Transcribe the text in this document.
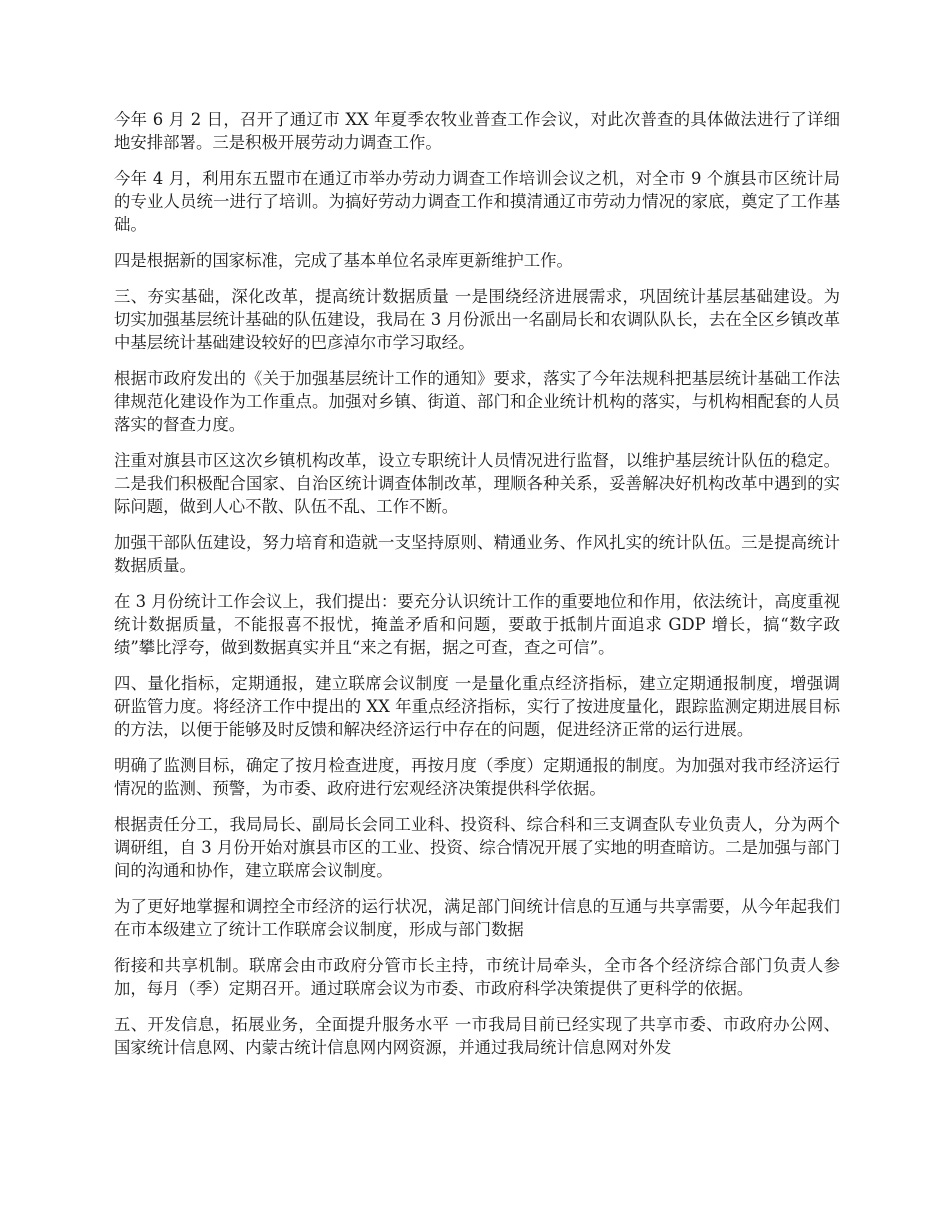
今年 6 月 2 日，召开了通辽市 XX 年夏季农牧业普查工作会议，对此次普查的具体做法进行了详细地安排部署。三是积极开展劳动力调查工作。

今年 4 月，利用东五盟市在通辽市举办劳动力调查工作培训会议之机，对全市 9 个旗县市区统计局的专业人员统一进行了培训。为搞好劳动力调查工作和摸清通辽市劳动力情况的家底，奠定了工作基础。

四是根据新的国家标准，完成了基本单位名录库更新维护工作。

三、夯实基础，深化改革，提高统计数据质量 一是围绕经济进展需求，巩固统计基层基础建设。为切实加强基层统计基础的队伍建设，我局在 3 月份派出一名副局长和农调队队长，去在全区乡镇改革中基层统计基础建设较好的巴彦淖尔市学习取经。

根据市政府发出的《关于加强基层统计工作的通知》要求，落实了今年法规科把基层统计基础工作法律规范化建设作为工作重点。加强对乡镇、街道、部门和企业统计机构的落实，与机构相配套的人员落实的督查力度。

注重对旗县市区这次乡镇机构改革，设立专职统计人员情况进行监督，以维护基层统计队伍的稳定。二是我们积极配合国家、自治区统计调查体制改革，理顺各种关系，妥善解决好机构改革中遇到的实际问题，做到人心不散、队伍不乱、工作不断。

加强干部队伍建设，努力培育和造就一支坚持原则、精通业务、作风扎实的统计队伍。三是提高统计数据质量。

在 3 月份统计工作会议上，我们提出：要充分认识统计工作的重要地位和作用，依法统计，高度重视统计数据质量，不能报喜不报忧，掩盖矛盾和问题，要敢于抵制片面追求 GDP 增长，搞“数字政绩”攀比浮夸，做到数据真实并且“来之有据，据之可查，查之可信”。

四、量化指标，定期通报，建立联席会议制度 一是量化重点经济指标，建立定期通报制度，增强调研监管力度。将经济工作中提出的 XX 年重点经济指标，实行了按进度量化，跟踪监测定期进展目标的方法，以便于能够及时反馈和解决经济运行中存在的问题，促进经济正常的运行进展。

明确了监测目标，确定了按月检查进度，再按月度（季度）定期通报的制度。为加强对我市经济运行情况的监测、预警，为市委、政府进行宏观经济决策提供科学依据。

根据责任分工，我局局长、副局长会同工业科、投资科、综合科和三支调查队专业负责人，分为两个调研组，自 3 月份开始对旗县市区的工业、投资、综合情况开展了实地的明查暗访。二是加强与部门间的沟通和协作，建立联席会议制度。

为了更好地掌握和调控全市经济的运行状况，满足部门间统计信息的互通与共享需要，从今年起我们在市本级建立了统计工作联席会议制度，形成与部门数据

衔接和共享机制。联席会由市政府分管市长主持，市统计局牵头，全市各个经济综合部门负责人参加，每月（季）定期召开。通过联席会议为市委、市政府科学决策提供了更科学的依据。

五、开发信息，拓展业务，全面提升服务水平 一市我局目前已经实现了共享市委、市政府办公网、国家统计信息网、内蒙古统计信息网内网资源，并通过我局统计信息网对外发
